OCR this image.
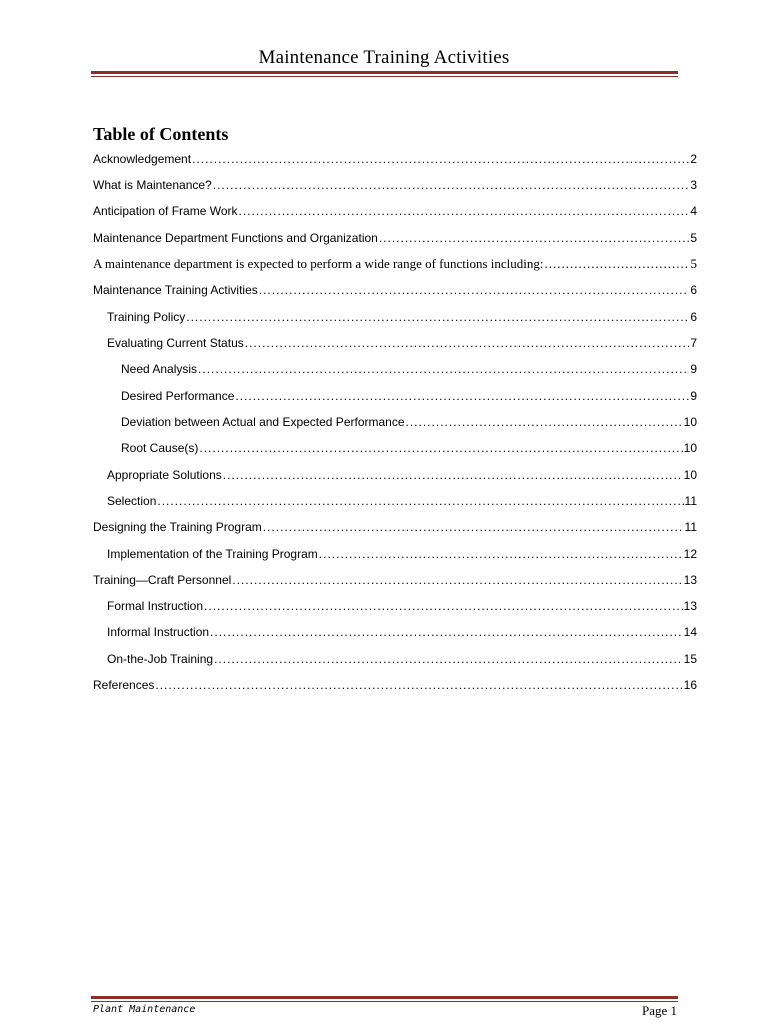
Maintenance Training Activities
Table of Contents
Acknowledgement .....	2
What is Maintenance? .....	3
Anticipation of Frame Work .....	4
Maintenance Department Functions and Organization .....	5
A maintenance department is expected to perform a wide range of functions including: .....	5
Maintenance Training Activities .....	6
Training Policy .....	6
Evaluating Current Status .....	7
Need Analysis .....	9
Desired Performance .....	9
Deviation between Actual and Expected Performance .....	10
Root Cause(s) .....	10
Appropriate Solutions .....	10
Selection .....	11
Designing the Training Program .....	11
Implementation of the Training Program .....	12
Training—Craft Personnel .....	13
Formal Instruction .....	13
Informal Instruction .....	14
On-the-Job Training .....	15
References .....	16
Plant Maintenance	Page 1
